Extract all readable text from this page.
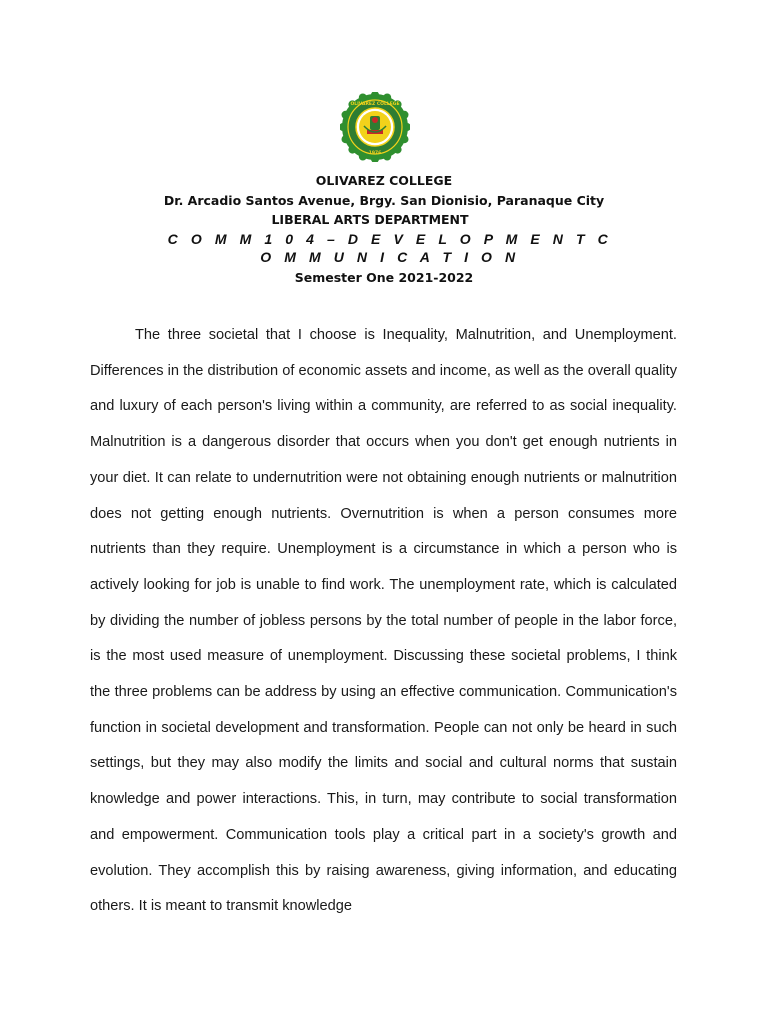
OLIVAREZ COLLEGE
1976
OLIVAREZ COLLEGE
Dr. Arcadio Santos Avenue, Brgy. San Dionisio, Paranaque City
LIBERAL ARTS DEPARTMENT
C O M M 1 0 4 – D E V E L O P M E N T C O M M U N I C A T I O N
Semester One 2021-2022

The three societal that I choose is Inequality, Malnutrition, and Unemployment. Differences in the distribution of economic assets and income, as well as the overall quality and luxury of each person's living within a community, are referred to as social inequality. Malnutrition is a dangerous disorder that occurs when you don't get enough nutrients in your diet. It can relate to undernutrition were not obtaining enough nutrients or malnutrition does not getting enough nutrients. Overnutrition is when a person consumes more nutrients than they require. Unemployment is a circumstance in which a person who is actively looking for job is unable to find work. The unemployment rate, which is calculated by dividing the number of jobless persons by the total number of people in the labor force, is the most used measure of unemployment. Discussing these societal problems, I think the three problems can be address by using an effective communication. Communication's function in societal development and transformation. People can not only be heard in such settings, but they may also modify the limits and social and cultural norms that sustain knowledge and power interactions. This, in turn, may contribute to social transformation and empowerment. Communication tools play a critical part in a society's growth and evolution. They accomplish this by raising awareness, giving information, and educating others. It is meant to transmit knowledge
